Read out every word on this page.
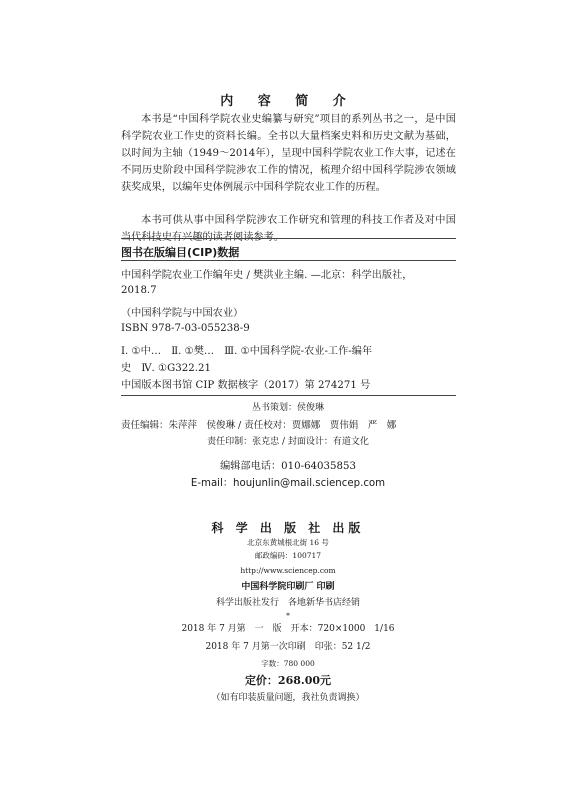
内 容 简 介
本书是“中国科学院农业史编纂与研究”项目的系列丛书之一，是中国科学院农业工作史的资料长编。全书以大量档案史料和历史文献为基础，以时间为主轴（1949～2014年），呈现中国科学院农业工作大事，记述在不同历史阶段中国科学院涉农工作的情况，梳理介绍中国科学院涉农领域获奖成果，以编年史体例展示中国科学院农业工作的历程。
本书可供从事中国科学院涉农工作研究和管理的科技工作者及对中国当代科技史有兴趣的读者阅读参考。
图书在版编目(CIP)数据
中国科学院农业工作编年史 / 樊洪业主编. —北京：科学出版社，
2018.7
（中国科学院与中国农业）
ISBN 978-7-03-055238-9
Ⅰ. ①中…　Ⅱ. ①樊…　Ⅲ. ①中国科学院-农业-工作-编年
史　Ⅳ. ①G322.21
中国版本图书馆 CIP 数据核字（2017）第 274271 号
丛书策划：侯俊琳
责任编辑：朱萍萍　侯俊琳 / 责任校对：贾娜娜　贾伟娟　严　娜
责任印制：张克忠 / 封面设计：有道文化
编辑部电话：010-64035853
E-mail：houjunlin@mail.sciencep.com
科 学 出 版 社 出版
北京东黄城根北街 16 号
邮政编码：100717
http://www.sciencep.com
中国科学院印刷厂 印刷
科学出版社发行　各地新华书店经销
*
2018 年 7 月第　一　版　开本：720×1000　1/16
2018 年 7 月第一次印刷　印张：52 1/2
字数：780 000
定价：268.00元
（如有印装质量问题，我社负责调换）
